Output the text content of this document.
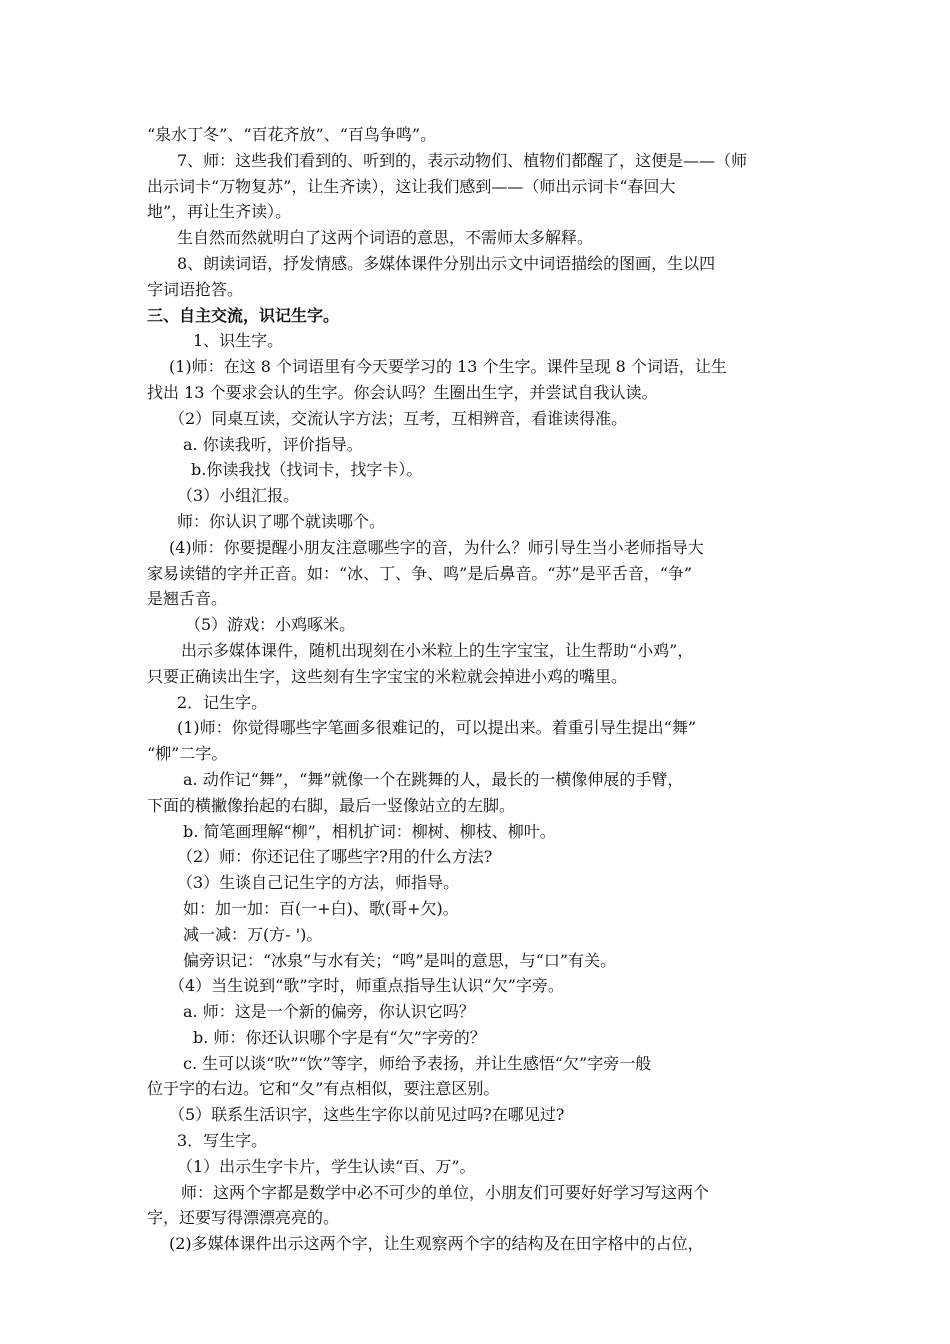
“泉水丁冬”、“百花齐放”、“百鸟争鸣”。
7、师：这些我们看到的、听到的，表示动物们、植物们都醒了，这便是——（师
出示词卡“万物复苏”，让生齐读），这让我们感到——（师出示词卡“春回大
地”，再让生齐读）。
生自然而然就明白了这两个词语的意思，不需师太多解释。
8、朗读词语，抒发情感。多媒体课件分别出示文中词语描绘的图画，生以四
字词语抢答。
三、自主交流，识记生字。
1、识生字。
(1)师：在这 8 个词语里有今天要学习的 13 个生字。课件呈现 8 个词语，让生
找出 13 个要求会认的生字。你会认吗？生圈出生字，并尝试自我认读。
（2）同桌互读，交流认字方法；互考，互相辨音，看谁读得准。
a. 你读我听，评价指导。
b.你读我找（找词卡，找字卡）。
（3）小组汇报。
师：你认识了哪个就读哪个。
(4)师：你要提醒小朋友注意哪些字的音，为什么？师引导生当小老师指导大
家易读错的字并正音。如：“冰、丁、争、鸣”是后鼻音。“苏”是平舌音，“争”
是翘舌音。
（5）游戏：小鸡啄米。
出示多媒体课件，随机出现刻在小米粒上的生字宝宝，让生帮助“小鸡”，
只要正确读出生字，这些刻有生字宝宝的米粒就会掉进小鸡的嘴里。
2．记生字。
(1)师：你觉得哪些字笔画多很难记的，可以提出来。着重引导生提出“舞”
“柳”二字。
a. 动作记“舞”，“舞”就像一个在跳舞的人，最长的一横像伸展的手臂，
下面的横撇像抬起的右脚，最后一竖像站立的左脚。
b. 简笔画理解“柳”，相机扩词：柳树、柳枝、柳叶。
（2）师：你还记住了哪些字?用的什么方法?
（3）生谈自己记生字的方法，师指导。
如：加一加：百(一+白)、歌(哥+欠)。
减一减：万(方- ')。
偏旁识记：“冰泉”与水有关；“鸣”是叫的意思，与“口”有关。
（4）当生说到“歌”字时，师重点指导生认识“欠”字旁。
a. 师：这是一个新的偏旁，你认识它吗？
b. 师：你还认识哪个字是有“欠”字旁的？
c. 生可以谈“吹”“饮”等字，师给予表扬，并让生感悟“欠”字旁一般
位于字的右边。它和“夂”有点相似，要注意区别。
（5）联系生活识字，这些生字你以前见过吗?在哪见过?
3．写生字。
（1）出示生字卡片，学生认读“百、万”。
师：这两个字都是数学中必不可少的单位，小朋友们可要好好学习写这两个
字，还要写得漂漂亮亮的。
(2)多媒体课件出示这两个字，让生观察两个字的结构及在田字格中的占位，
